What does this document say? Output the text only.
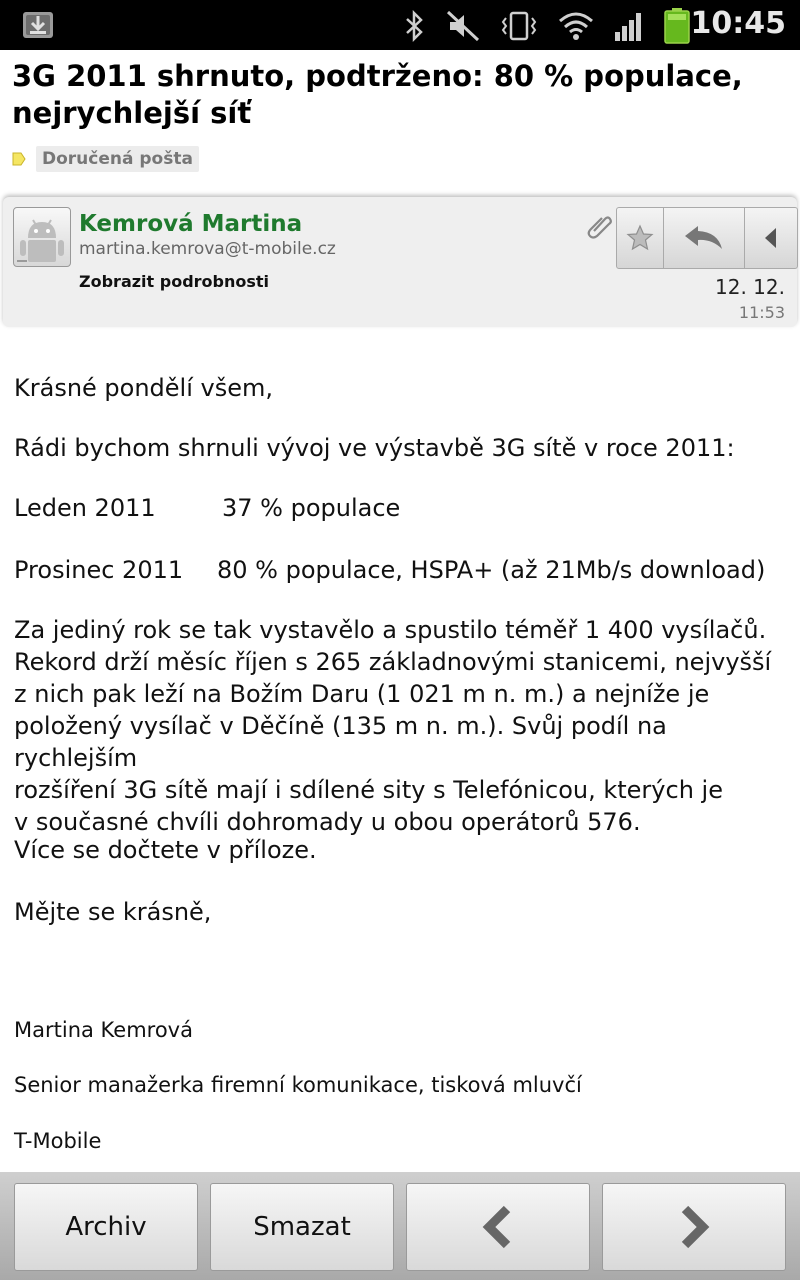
10:45
3G 2011 shrnuto, podtrženo: 80 % populace, nejrychlejší síť
Doručená pošta
Kemrová Martina
martina.kemrova@t-mobile.cz
Zobrazit podrobnosti	12. 12.
11:53

Krásné pondělí všem,

Rádi bychom shrnuli vývoj ve výstavbě 3G sítě v roce 2011:

Leden 2011	37 % populace

Prosinec 2011 80 % populace, HSPA+ (až 21Mb/s download)

Za jediný rok se tak vystavělo a spustilo téměř 1 400 vysílačů.
Rekord drží měsíc říjen s 265 základnovými stanicemi, nejvyšší
z nich pak leží na Božím Daru (1 021 m n. m.) a nejníže je
položený vysílač v Děčíně (135 m n. m.). Svůj podíl na rychlejším
rozšíření 3G sítě mají i sdílené sity s Telefónicou, kterých je
v současné chvíli dohromady u obou operátorů 576.

Více se dočtete v příloze.

Mějte se krásně,

Martina Kemrová
Senior manažerka firemní komunikace, tisková mluvčí
T-Mobile
Archiv	Smazat
